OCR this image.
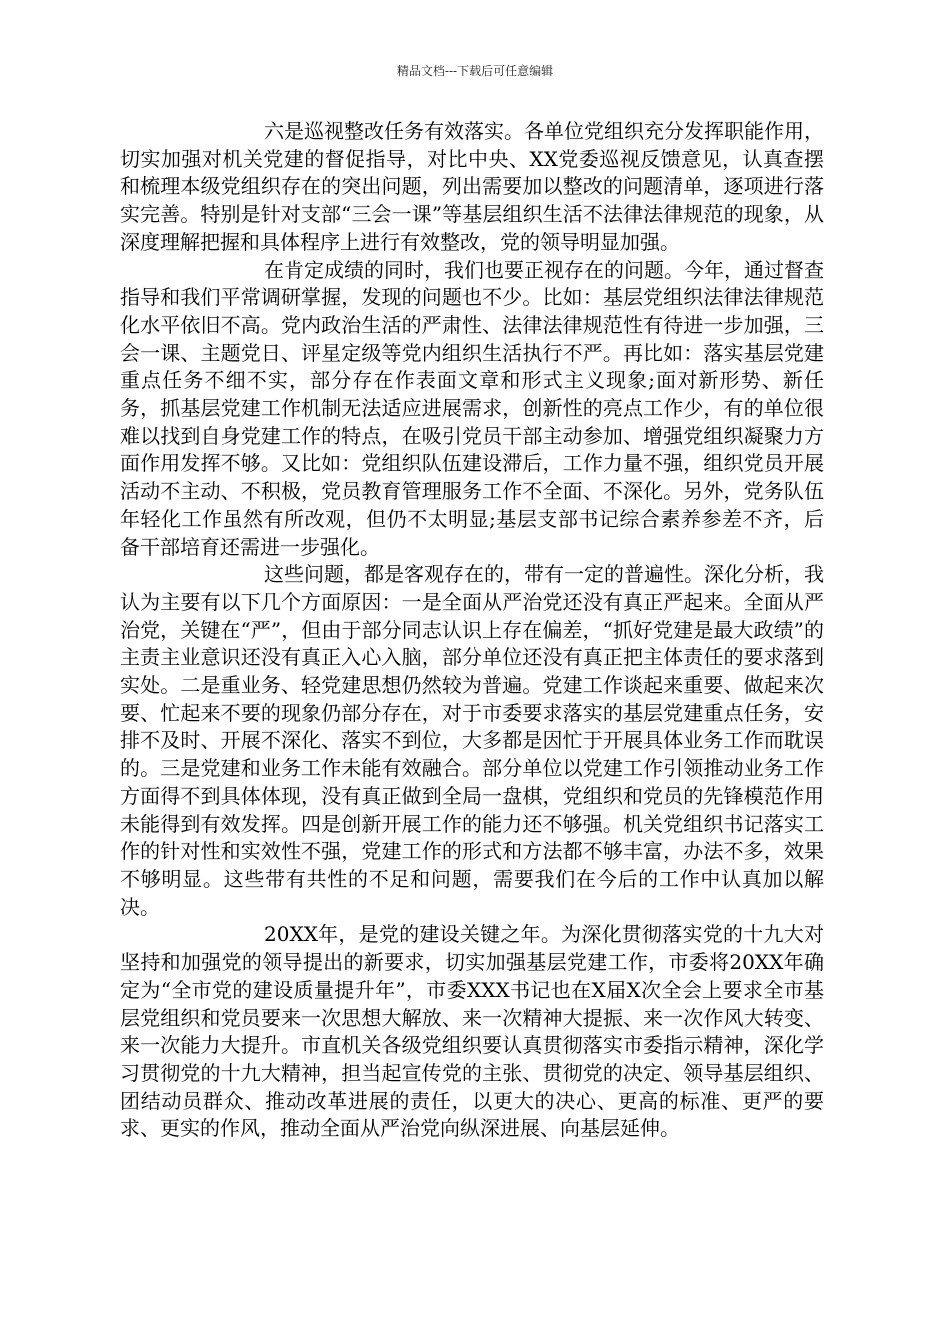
精品文档---下载后可任意编辑

六是巡视整改任务有效落实。各单位党组织充分发挥职能作用，切实加强对机关党建的督促指导，对比中央、XX党委巡视反馈意见，认真查摆和梳理本级党组织存在的突出问题，列出需要加以整改的问题清单，逐项进行落实完善。特别是针对支部“三会一课”等基层组织生活不法律法律规范的现象，从深度理解把握和具体程序上进行有效整改，党的领导明显加强。

在肯定成绩的同时，我们也要正视存在的问题。今年，通过督查指导和我们平常调研掌握，发现的问题也不少。比如：基层党组织法律法律规范化水平依旧不高。党内政治生活的严肃性、法律法律规范性有待进一步加强，三会一课、主题党日、评星定级等党内组织生活执行不严。再比如：落实基层党建重点任务不细不实，部分存在作表面文章和形式主义现象;面对新形势、新任务，抓基层党建工作机制无法适应进展需求，创新性的亮点工作少，有的单位很难以找到自身党建工作的特点，在吸引党员干部主动参加、增强党组织凝聚力方面作用发挥不够。又比如：党组织队伍建设滞后，工作力量不强，组织党员开展活动不主动、不积极，党员教育管理服务工作不全面、不深化。另外，党务队伍年轻化工作虽然有所改观，但仍不太明显;基层支部书记综合素养参差不齐，后备干部培育还需进一步强化。

这些问题，都是客观存在的，带有一定的普遍性。深化分析，我认为主要有以下几个方面原因：一是全面从严治党还没有真正严起来。全面从严治党，关键在“严”，但由于部分同志认识上存在偏差，“抓好党建是最大政绩”的主责主业意识还没有真正入心入脑，部分单位还没有真正把主体责任的要求落到实处。二是重业务、轻党建思想仍然较为普遍。党建工作谈起来重要、做起来次要、忙起来不要的现象仍部分存在，对于市委要求落实的基层党建重点任务，安排不及时、开展不深化、落实不到位，大多都是因忙于开展具体业务工作而耽误的。三是党建和业务工作未能有效融合。部分单位以党建工作引领推动业务工作方面得不到具体体现，没有真正做到全局一盘棋，党组织和党员的先锋模范作用未能得到有效发挥。四是创新开展工作的能力还不够强。机关党组织书记落实工作的针对性和实效性不强，党建工作的形式和方法都不够丰富，办法不多，效果不够明显。这些带有共性的不足和问题，需要我们在今后的工作中认真加以解决。

20XX年，是党的建设关键之年。为深化贯彻落实党的十九大对坚持和加强党的领导提出的新要求，切实加强基层党建工作，市委将20XX年确定为“全市党的建设质量提升年”，市委XXX书记也在X届X次全会上要求全市基层党组织和党员要来一次思想大解放、来一次精神大提振、来一次作风大转变、来一次能力大提升。市直机关各级党组织要认真贯彻落实市委指示精神，深化学习贯彻党的十九大精神，担当起宣传党的主张、贯彻党的决定、领导基层组织、团结动员群众、推动改革进展的责任，以更大的决心、更高的标准、更严的要求、更实的作风，推动全面从严治党向纵深进展、向基层延伸。
